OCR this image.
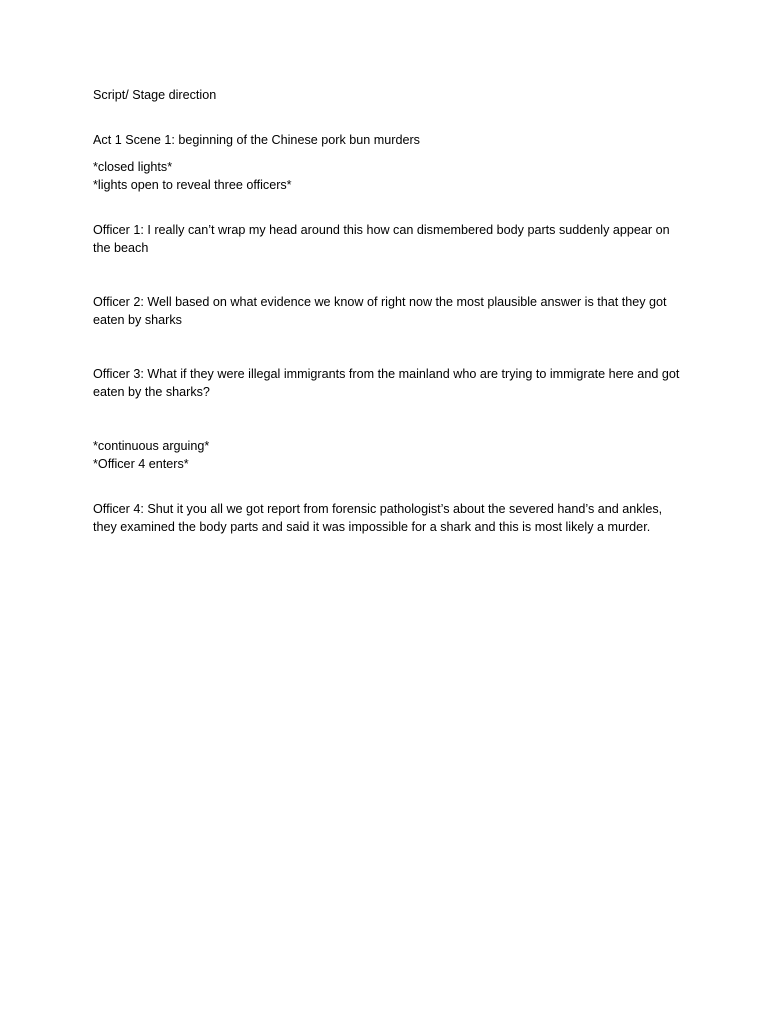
Script/ Stage direction

Act 1 Scene 1: beginning of the Chinese pork bun murders

*closed lights*

*lights open to reveal three officers*

Officer 1: I really can’t wrap my head around this how can dismembered body parts suddenly appear on the beach

Officer 2: Well based on what evidence we know of right now the most plausible answer is that they got eaten by sharks

Officer 3: What if they were illegal immigrants from the mainland who are trying to immigrate here and got eaten by the sharks?

*continuous arguing*

*Officer 4 enters*

Officer 4: Shut it you all we got report from forensic pathologist’s about the severed hand’s and ankles, they examined the body parts and said it was impossible for a shark and this is most likely a murder.
